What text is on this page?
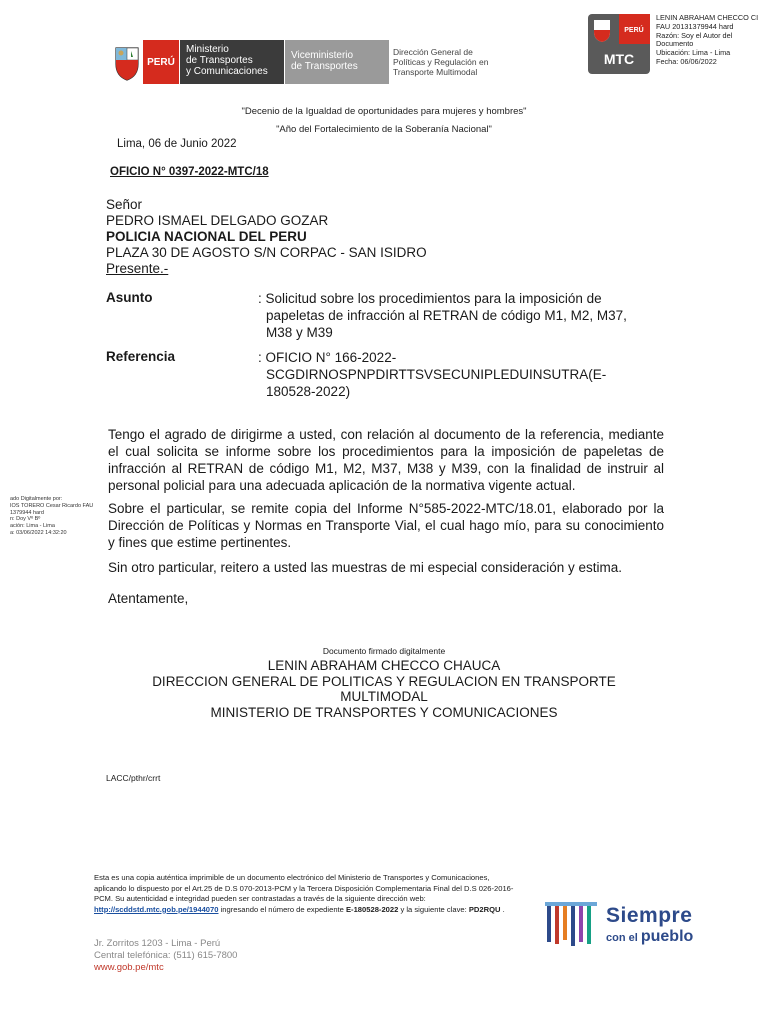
PERÚ
Ministerio
de Transportes
y Comunicaciones
Viceministerio
de Transportes
Dirección General de
Políticas y Regulación en
Transporte Multimodal
PERÚ
MTC
LENIN ABRAHAM CHECCO CI
FAU 20131379944 hard
Razón: Soy el Autor del
Documento
Ubicación: Lima - Lima
Fecha: 06/06/2022
"Decenio de la Igualdad de oportunidades para mujeres y hombres"
"Año del Fortalecimiento de la Soberanía Nacional"
Lima, 06 de Junio 2022
OFICIO N° 0397-2022-MTC/18
Señor
PEDRO ISMAEL DELGADO GOZAR
POLICIA NACIONAL DEL PERU
PLAZA 30 DE AGOSTO S/N CORPAC - SAN ISIDRO
Presente.-
Asunto	: Solicitud sobre los procedimientos para la imposición de
papeletas de infracción al RETRAN de código M1, M2, M37,
M38 y M39
Referencia	: OFICIO N° 166-2022-
SCGDIRNOSPNPDIRTTSVSECUNIPLEDUINSUTRA(E-
180528-2022)
Tengo el agrado de dirigirme a usted, con relación al documento de la referencia, mediante el cual solicita se informe sobre los procedimientos para la imposición de papeletas de infracción al RETRAN de código M1, M2, M37, M38 y M39, con la finalidad de instruir al personal policial para una adecuada aplicación de la normativa vigente actual.
Sobre el particular, se remite copia del Informe N°585-2022-MTC/18.01, elaborado por la Dirección de Políticas y Normas en Transporte Vial, el cual hago mío, para su conocimiento y fines que estime pertinentes.
Sin otro particular, reitero a usted las muestras de mi especial consideración y estima.
Atentamente,
ado Digitalmente por:
IOS TORERO Cesar Ricardo FAU
1379944 hard
n: Doy Vº Bº
ación: Lima - Lima
a: 03/06/2022 14:32:20
Documento firmado digitalmente
LENIN ABRAHAM CHECCO CHAUCA
DIRECCION GENERAL DE POLITICAS Y REGULACION EN TRANSPORTE
MULTIMODAL
MINISTERIO DE TRANSPORTES Y COMUNICACIONES
LACC/pthr/crrt
Esta es una copia auténtica imprimible de un documento electrónico del Ministerio de Transportes y Comunicaciones, aplicando lo dispuesto por el Art.25 de D.S 070-2013-PCM y la Tercera Disposición Complementaria Final del D.S 026-2016-PCM. Su autenticidad e integridad pueden ser contrastadas a través de la siguiente dirección web: http://scddstd.mtc.gob.pe/1944070 ingresando el número de expediente E-180528-2022 y la siguiente clave: PD2RQU .
Jr. Zorritos 1203 - Lima - Perú
Central telefónica: (511) 615-7800
www.gob.pe/mtc
Siempre
con el pueblo
